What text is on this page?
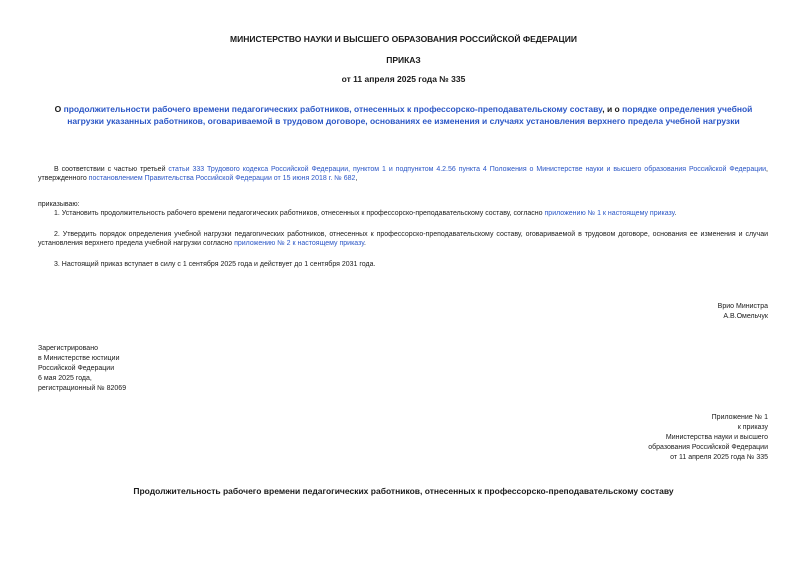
МИНИСТЕРСТВО НАУКИ И ВЫСШЕГО ОБРАЗОВАНИЯ РОССИЙСКОЙ ФЕДЕРАЦИИ
ПРИКАЗ
от 11 апреля 2025 года № 335
О продолжительности рабочего времени педагогических работников, отнесенных к профессорско-преподавательскому составу, и о порядке определения учебной нагрузки указанных работников, оговариваемой в трудовом договоре, основаниях ее изменения и случаях установления верхнего предела учебной нагрузки
В соответствии с частью третьей статьи 333 Трудового кодекса Российской Федерации, пунктом 1 и подпунктом 4.2.56 пункта 4 Положения о Министерстве науки и высшего образования Российской Федерации, утвержденного постановлением Правительства Российской Федерации от 15 июня 2018 г. № 682,
приказываю:
1. Установить продолжительность рабочего времени педагогических работников, отнесенных к профессорско-преподавательскому составу, согласно приложению № 1 к настоящему приказу.
2. Утвердить порядок определения учебной нагрузки педагогических работников, отнесенных к профессорско-преподавательскому составу, оговариваемой в трудовом договоре, основания ее изменения и случаи установления верхнего предела учебной нагрузки согласно приложению № 2 к настоящему приказу.
3. Настоящий приказ вступает в силу с 1 сентября 2025 года и действует до 1 сентября 2031 года.
Врио Министра
А.В.Омельчук
Зарегистрировано
в Министерстве юстиции
Российской Федерации
6 мая 2025 года,
регистрационный № 82069
Приложение № 1
к приказу
Министерства науки и высшего
образования Российской Федерации
от 11 апреля 2025 года № 335
Продолжительность рабочего времени педагогических работников, отнесенных к профессорско-преподавательскому составу
